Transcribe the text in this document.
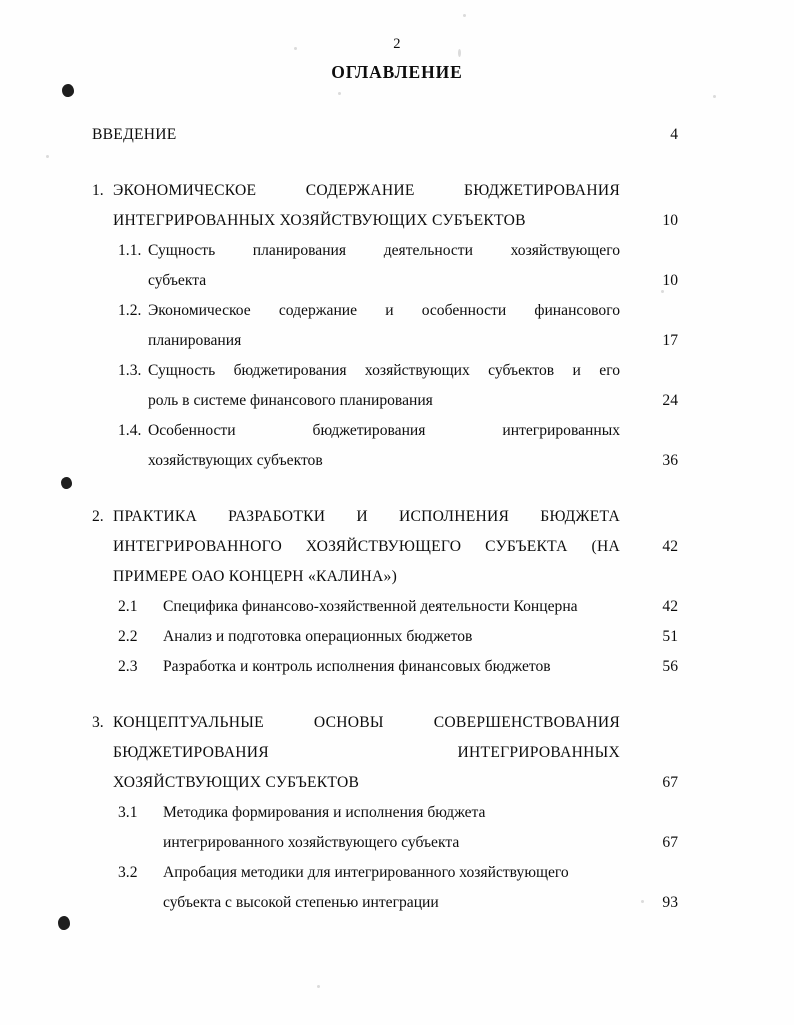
2
ОГЛАВЛЕНИЕ
ВВЕДЕНИЕ	4
1. ЭКОНОМИЧЕСКОЕ СОДЕРЖАНИЕ БЮДЖЕТИРОВАНИЯ
ИНТЕГРИРОВАННЫХ ХОЗЯЙСТВУЮЩИХ СУБЪЕКТОВ	10
1.1. Сущность планирования деятельности хозяйствующего
субъекта	10
1.2. Экономическое содержание и особенности финансового
планирования	17
1.3. Сущность бюджетирования хозяйствующих субъектов и его
роль в системе финансового планирования	24
1.4. Особенности бюджетирования интегрированных
хозяйствующих субъектов	36
2. ПРАКТИКА РАЗРАБОТКИ И ИСПОЛНЕНИЯ БЮДЖЕТА
ИНТЕГРИРОВАННОГО ХОЗЯЙСТВУЮЩЕГО СУБЪЕКТА (НА	42
ПРИМЕРЕ ОАО КОНЦЕРН «КАЛИНА»)
2.1	Специфика финансово-хозяйственной деятельности Концерна	42
2.2	Анализ и подготовка операционных бюджетов	51
2.3	Разработка и контроль исполнения финансовых бюджетов	56
3. КОНЦЕПТУАЛЬНЫЕ ОСНОВЫ СОВЕРШЕНСТВОВАНИЯ
БЮДЖЕТИРОВАНИЯ ИНТЕГРИРОВАННЫХ
ХОЗЯЙСТВУЮЩИХ СУБЪЕКТОВ	67
3.1	Методика формирования и исполнения бюджета
интегрированного хозяйствующего субъекта	67
3.2	Апробация методики для интегрированного хозяйствующего
субъекта с высокой степенью интеграции	93
